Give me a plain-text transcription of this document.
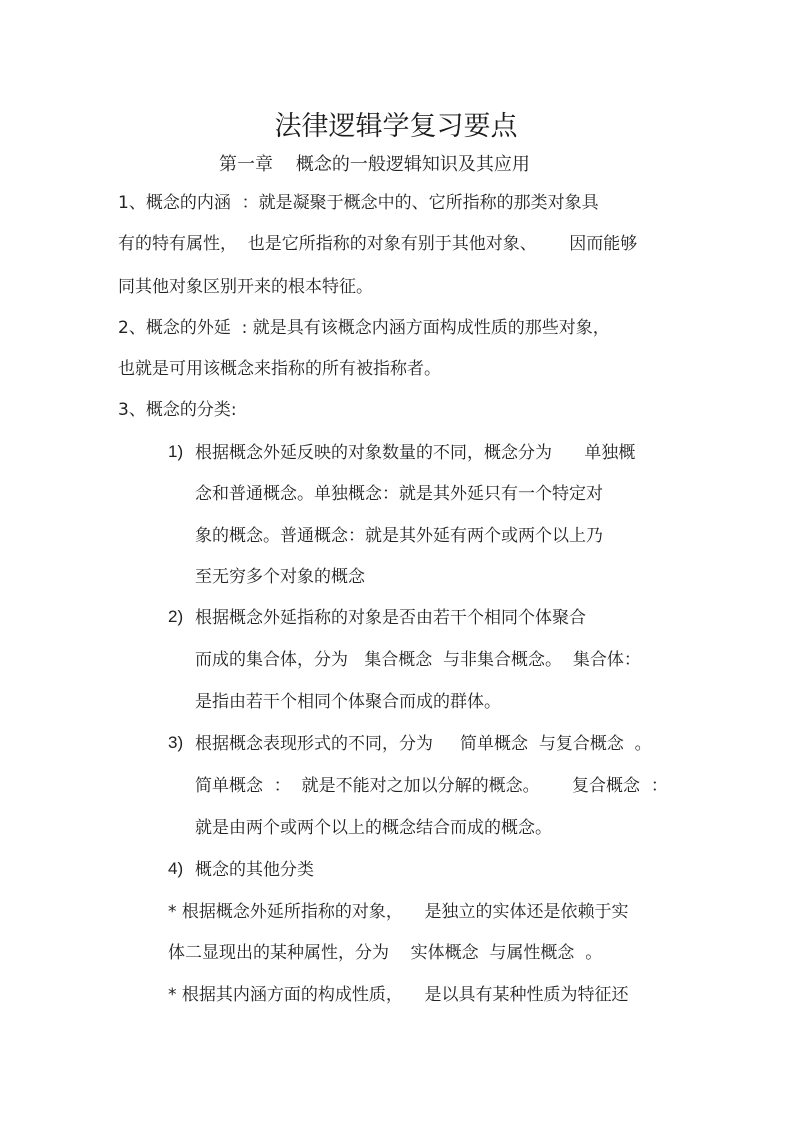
法律逻辑学复习要点
第一章    概念的一般逻辑知识及其应用
1、概念的内涵  ：就是凝聚于概念中的、它所指称的那类对象具
有的特有属性，  也是它所指称的对象有别于其他对象、      因而能够
同其他对象区别开来的根本特征。
2、概念的外延  : 就是具有该概念内涵方面构成性质的那些对象，
也就是可用该概念来指称的所有被指称者。
3、概念的分类:
1) 根据概念外延反映的对象数量的不同，概念分为      单独概
念和普通概念。单独概念：就是其外延只有一个特定对
象的概念。普通概念：就是其外延有两个或两个以上乃
至无穷多个对象的概念
2) 根据概念外延指称的对象是否由若干个相同个体聚合
而成的集合体，分为   集合概念  与非集合概念。  集合体：
是指由若干个相同个体聚合而成的群体。
3) 根据概念表现形式的不同，分为     简单概念  与复合概念  。
简单概念  ：  就是不能对之加以分解的概念。      复合概念  ：
就是由两个或两个以上的概念结合而成的概念。
4) 概念的其他分类
* 根据概念外延所指称的对象，    是独立的实体还是依赖于实
体二显现出的某种属性，分为    实体概念  与属性概念  。
* 根据其内涵方面的构成性质，    是以具有某种性质为特征还
